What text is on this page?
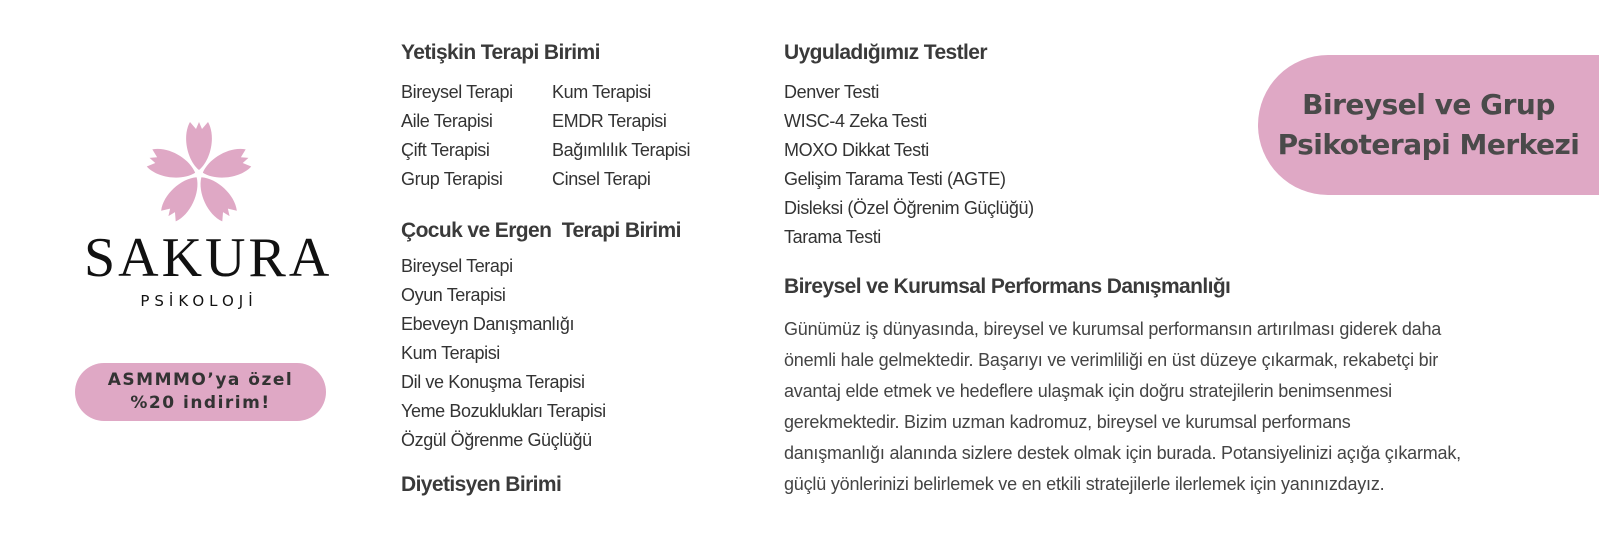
SAKURA
PSİKOLOJİ
ASMMMO’ya özel
%20 indirim!
Yetişkin Terapi Birimi
Bireysel Terapi
Aile Terapisi
Çift Terapisi
Grup Terapisi
Kum Terapisi
EMDR Terapisi
Bağımlılık Terapisi
Cinsel Terapi
Çocuk ve Ergen  Terapi Birimi
Bireysel Terapi
Oyun Terapisi
Ebeveyn Danışmanlığı
Kum Terapisi
Dil ve Konuşma Terapisi
Yeme Bozuklukları Terapisi
Özgül Öğrenme Güçlüğü
Diyetisyen Birimi
Uyguladığımız Testler
Denver Testi
WISC-4 Zeka Testi
MOXO Dikkat Testi
Gelişim Tarama Testi (AGTE)
Disleksi (Özel Öğrenim Güçlüğü)
Tarama Testi
Bireysel ve Kurumsal Performans Danışmanlığı
Günümüz iş dünyasında, bireysel ve kurumsal performansın artırılması giderek daha
önemli hale gelmektedir. Başarıyı ve verimliliği en üst düzeye çıkarmak, rekabetçi bir
avantaj elde etmek ve hedeflere ulaşmak için doğru stratejilerin benimsenmesi
gerekmektedir. Bizim uzman kadromuz, bireysel ve kurumsal performans
danışmanlığı alanında sizlere destek olmak için burada. Potansiyelinizi açığa çıkarmak,
güçlü yönlerinizi belirlemek ve en etkili stratejilerle ilerlemek için yanınızdayız.
Bireysel ve Grup
Psikoterapi Merkezi
